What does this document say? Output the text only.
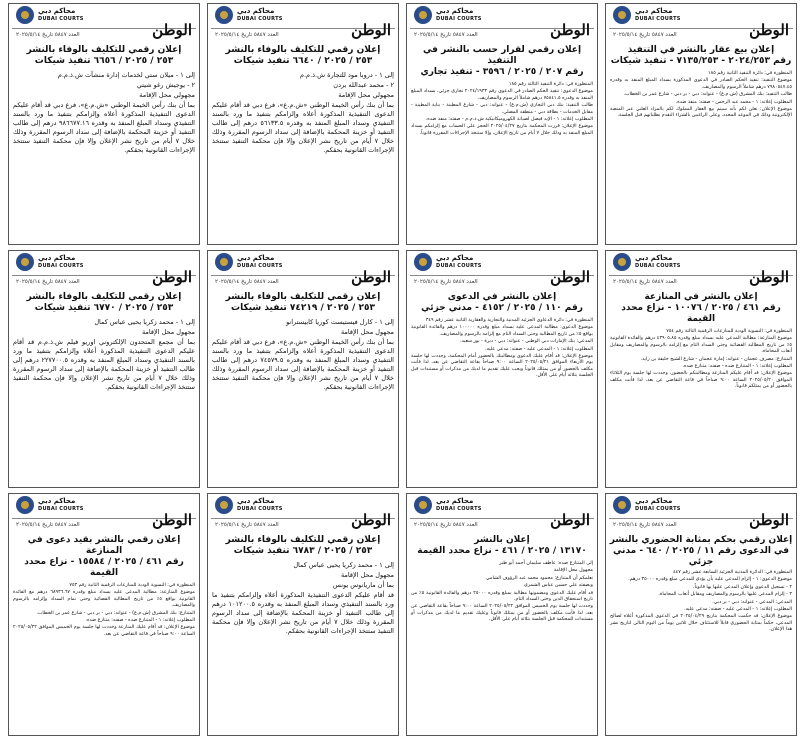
محاكم دبي
DUBAI COURTS
الوطن
العدد ٥٨٤٧ تاريخ ٢٠٢٥/٥/١٤
إعلان بيع عقار بالنشر في التنفيذ
رقم ٢٠٢٤/٢٥٣ - ٧١٣٥/٢٥٣ - تنفيذ شيكات

المنظورة في: دائرة التنفيذ الثانية رقم ١٨٥

موضوع التنفيذ: تنفيذ الحكم الصادر في الدعوى المذكورة بسداد المبلغ المنفذ به وقدره ٧٩٨٠٥٤٧.٤٥ درهم شاملاً الرسوم والمصاريف.

طالب التنفيذ: بنك المشرق (ش.م.ع) - عنوانه: دبي - بر دبي - شارع عمر بن الخطاب.

المطلوب إعلانه: ١ - محمد عبد الرحمن - صفته: منفذ ضده.

موضوع الإعلان: نعلن لكم بأنه سيتم بيع العقار المملوك لكم بالمزاد العلني عبر المنصة الإلكترونية وذلك في الموعد المحدد، وعلى الراغبين بالشراء التقدم بطلباتهم قبل الجلسة.

محاكم دبي
DUBAI COURTS
الوطن
العدد ٥٨٤٧ تاريخ ٢٠٢٥/٥/١٤
إعلان رقمي لقرار حسب بالنشر في التنفيذ
رقم ٢٠٧ / ٢٠٢٥ / ٣٥٩٦ - تنفيذ تجاري

المنظورة في: دائرة التنفيذ الثالثة رقم ١٨٥

موضوع الدعوى: تنفيذ الحكم الصادر في الدعوى رقم ٢٠٢٤/١٩٣٣ تجاري جزئي، بسداد المبلغ المنفذ به وقدره ٧٥٨٤١.٥ درهم شاملاً الرسوم والمصاريف.

طالب التنفيذ: بنك دبي التجاري (ش.م.ع) - عنوانه: دبي - شارع المطينة - بناية المطينة - مقابل الخدمات - بطاقة دبي - منطقة المصلى.

المطلوب إعلانه: ١ - الإيد فيصل لصيانة الكهروميكانيكية ش.ذ.م.م - صفته: منفذ ضده.

موضوع الإعلان: قررت المحكمة بتاريخ ٢٠٢٥/٠٤/٢٧ الحجز على الحساب مع إلزامكم بسداد المبلغ المنفذ به وذلك خلال ٧ أيام من تاريخ الإعلان، وإلا ستتخذ الإجراءات المقررة قانوناً.

محاكم دبي
DUBAI COURTS
الوطن
العدد ٥٨٤٧ تاريخ ٢٠٢٥/٥/١٤
إعلان رقمي للتكليف بالوفاء بالنشر
٢٥٣ / ٢٠٢٥ / ٦٦٤٠ تنفيذ شيكات

إلى ١ - دروبا مود للتجارة ش.ذ.م.م

٢ - محمد عبدالله بردن

مجهولي محل الإقامة

بما أن بنك رأس الخيمة الوطني «ش.م.ع»، فرع دبي قد أقام عليكم الدعوى التنفيذية المذكورة أعلاه وإلزامكم بتنفيذ ما ورد بالسند التنفيذي وسداد المبلغ المنفذ به وقدره ٥٦١٣٣.٥ درهم إلى طالب التنفيذ أو خزينة المحكمة بالإضافة إلى سداد الرسوم المقررة وذلك خلال ٧ أيام من تاريخ نشر الإعلان وإلا فإن محكمة التنفيذ ستتخذ الإجراءات القانونية بحقكم.

محاكم دبي
DUBAI COURTS
الوطن
العدد ٥٨٤٧ تاريخ ٢٠٢٥/٥/١٤
إعلان رقمي للتكليف بالوفاء بالنشر
٢٥٣ / ٢٠٢٥ / ٦٦٥٦ تنفيذ شيكات

إلى ١ - ميلان ستي لخدمات إدارة منشآت ش.ذ.م.م

٢ - يوجيش رغو شيتي

مجهولي محل الإقامة

بما أن بنك رأس الخيمة الوطني «ش.م.ع»، فرع دبي قد أقام عليكم الدعوى التنفيذية المذكورة أعلاه وإلزامكم بتنفيذ ما ورد بالسند التنفيذي وسداد المبلغ المنفذ به وقدره ٩٨٦٦٧٧.١٦ درهم إلى طالب التنفيذ أو خزينة المحكمة بالإضافة إلى سداد الرسوم المقررة وذلك خلال ٧ أيام من تاريخ نشر الإعلان وإلا فإن محكمة التنفيذ ستتخذ الإجراءات القانونية بحقكم.

محاكم دبي
DUBAI COURTS
الوطن
العدد ٥٨٤٧ تاريخ ٢٠٢٥/٥/١٤
إعلان بالنشر في المنازعة
رقم ٤٦١ / ٢٠٢٥ / ١٠٠٧٦ - نزاع محدد القيمة

المنظورة في: التسوية الودية للمنازعات الرقمية الثالثة رقم ٧٥٤

موضوع المنازعة: مطالبة المدعى عليه بسداد مبلغ وقدره ٤٣٩٠٥.٨٥ درهم والفائدة القانونية ٥٪ من تاريخ المطالبة القضائية وحتى السداد التام مع إلزامه بالرسوم والمصاريف ومقابل أتعاب المحاماة.

المتنازع: مصرف عجمان - عنوانه: إمارة عجمان - شارع الشيخ خليفة بن زايد.

المطلوب إعلانه: ١ - المتنازع ضده - صفته: متنازع ضده.

موضوع الإعلان: قد أقام عليكم المنازعة ومطالبتكم بالحضور، وحددت لها جلسة يوم الثلاثاء الموافق ٢٠٢٥/٠٥/٢٠ الساعة ٩:٠٠ صباحاً في قاعة التقاضي عن بعد، لذا فأنت مكلف بالحضور أو من يمثلكم قانوناً.

محاكم دبي
DUBAI COURTS
الوطن
العدد ٥٨٤٧ تاريخ ٢٠٢٥/٥/١٤
إعلان بالنشر في الدعوى
رقم ١١٠ / ٢٠٢٥ / ٤١٥٢ - مدني جزئي

المنظورة في: دائرة الدعاوى الجزئية المدنية والتجارية والعقارية الثانية عشر رقم ٣٤٩

موضوع الدعوى: مطالبة المدعى عليه بسداد مبلغ وقدره ١٠٠٠٠٠ درهم والفائدة القانونية بواقع ٥٪ من تاريخ المطالبة وحتى السداد التام مع إلزامه بالرسوم والمصاريف.

المدعي: بنك الإمارات دبي الوطني - عنوانه: دبي - ديرة - بور سعيد.

المطلوب إعلانه: ١ - المدعى عليه - صفته: مدعى عليه.

موضوع الإعلان: قد أقام عليك الدعوى ومطالبتك بالحضور أمام المحكمة، وحددت لها جلسة يوم الأربعاء الموافق ٢٠٢٥/٠٥/٢١ الساعة ٩:٠٠ صباحاً بقاعة التقاضي عن بعد، لذا فأنت مكلف بالحضور أو من يمثلك قانوناً ويجب عليك تقديم ما لديك من مذكرات أو مستندات قبل الجلسة بثلاثة أيام على الأقل.

محاكم دبي
DUBAI COURTS
الوطن
العدد ٥٨٤٧ تاريخ ٢٠٢٥/٥/١٤
إعلان رقمي للتكليف بالوفاء بالنشر
٢٥٣ / ٢٠٢٥ / ٧٤٢١٩ تنفيذ شيكات

إلى ١ - كارل فيستيست كوريا كابيسترانو

مجهول محل الإقامة

بما أن بنك رأس الخيمة الوطني «ش.م.ع»، فرع دبي قد أقام عليكم الدعوى التنفيذية المذكورة أعلاه وإلزامكم بتنفيذ ما ورد بالسند التنفيذي وسداد المبلغ المنفذ به وقدره ٧٤٥٧٩.٥ درهم إلى طالب التنفيذ أو خزينة المحكمة بالإضافة إلى سداد الرسوم المقررة وذلك خلال ٧ أيام من تاريخ نشر الإعلان وإلا فإن محكمة التنفيذ ستتخذ الإجراءات القانونية بحقكم.

محاكم دبي
DUBAI COURTS
الوطن
العدد ٥٨٤٧ تاريخ ٢٠٢٥/٥/١٤
إعلان رقمي للتكليف بالوفاء بالنشر
٢٥٣ / ٢٠٢٥ / ٦٧٧٠ تنفيذ شيكات

إلى ١ - محمد زكريا يحيى عباس كمال

مجهول محل الإقامة

بما أن مجمع المتحدون الإلكتروني اوريو فيلم ش.ذ.م.م قد أقام عليكم الدعوى التنفيذية المذكورة أعلاه وإلزامكم بتنفيذ ما ورد بالسند التنفيذي وسداد المبلغ المنفذ به وقدره ٢٢٧٧٠٠.٥ درهم إلى طالب التنفيذ أو خزينة المحكمة بالإضافة إلى سداد الرسوم المقررة وذلك خلال ٧ أيام من تاريخ نشر الإعلان وإلا فإن محكمة التنفيذ ستتخذ الإجراءات القانونية بحقكم.

محاكم دبي
DUBAI COURTS
الوطن
العدد ٥٨٤٧ تاريخ ٢٠٢٥/٥/١٤
إعلان رقمي بحكم بمثابة الحضوري بالنشر في الدعوى رقم ١١ / ٢٠٢٥ / ٦٤٠ - مدني جزئي

المنظورة في: الدائرة المدنية الجزئية السابعة عشر رقم ٤٤٧

موضوع الدعوى: ١ - إلزام المدعى عليه بأن يؤدي للمدعي مبلغ وقدره ٣٥٠٠٠ درهم.

٢ - تسجيل الدعوى وإعلان المدعى عليها بها قانوناً.

٣ - إلزام المدعى عليها بالرسوم والمصاريف ومقابل أتعاب المحاماة.

المدعي: المدعي - عنوانه: دبي - بر دبي.

المطلوب إعلانه: ١ - المدعى عليه - صفته: مدعى عليه.

موضوع الإعلان: قد حكمت المحكمة بتاريخ ٢٠٢٥/٠٤/٢٩ في الدعوى المذكورة أعلاه لصالح المدعي، حكماً بمثابة الحضوري قابلاً للاستئناف خلال ثلاثين يوماً من اليوم التالي لتاريخ نشر هذا الإعلان.

محاكم دبي
DUBAI COURTS
الوطن
العدد ٥٨٤٧ تاريخ ٢٠٢٥/٥/١٤
إعلان بالنشر
١٣١٧٠ / ٢٠٢٥ / ٤٦١ - نزاع محدد القيمة

إلى المتنازع ضده: عاطف سليمان أحمد أبو طير

مجهول محل الإقامة

نعلمكم أن المتنازع: محمود محمد عبد الرؤوف الشامي

وبصفته علي حسين عباس الشمري

قد أقام عليك الدعوى ومضمونها مطالبة بمبلغ وقدره ٢٥٠٠٠ درهم والفائدة القانونية ٥٪ من تاريخ استحقاق الدين وحتى السداد التام.

وحددت لها جلسة يوم الخميس الموافق ٢٠٢٥/٠٥/٢٢ الساعة ٩:٠٠ صباحاً بقاعة التقاضي عن بعد، لذا فأنت مكلف بالحضور أو من يمثلك قانوناً وعليك تقديم ما لديك من مذكرات أو مستندات للمحكمة قبل الجلسة بثلاثة أيام على الأقل.

محاكم دبي
DUBAI COURTS
الوطن
العدد ٥٨٤٧ تاريخ ٢٠٢٥/٥/١٤
إعلان رقمي للتكليف بالوفاء بالنشر
٢٥٣ / ٢٠٢٥ / ٦٧٨٣ تنفيذ شيكات

إلى ١ - محمد زكريا يحيى عباس كمال

مجهول محل الإقامة

بما أن ماريانوس يونس

قد أقام عليكم الدعوى التنفيذية المذكورة أعلاه وإلزامكم بتنفيذ ما ورد بالسند التنفيذي وسداد المبلغ المنفذ به وقدره ١٠١٢٠٠.٥ درهم إلى طالب التنفيذ أو خزينة المحكمة بالإضافة إلى سداد الرسوم المقررة وذلك خلال ٧ أيام من تاريخ نشر الإعلان وإلا فإن محكمة التنفيذ ستتخذ الإجراءات القانونية بحقكم.

محاكم دبي
DUBAI COURTS
الوطن
العدد ٥٨٤٧ تاريخ ٢٠٢٥/٥/١٤
إعلان رقمي بالنشر بقيد دعوى في المنازعة
رقم ٤٦١ / ٢٠٢٥ / ١٥٥٨٤ - نزاع محدد القيمة

المنظورة في: التسوية الودية للمنازعات الرقمية الثانية رقم ٧٥٣

موضوع المنازعة: مطالبة المدعى عليه بسداد مبلغ وقدره ٦٨٩٣٦.٦٧ درهم مع الفائدة القانونية بواقع ٥٪ من تاريخ المطالبة القضائية وحتى تمام السداد وإلزامه بالرسوم والمصاريف.

المتنازع: بنك المشرق (ش.م.ع) - عنوانه: دبي - بر دبي - شارع عمر بن الخطاب.

المطلوب إعلانه: ١ - المتنازع ضده - صفته: متنازع ضده.

موضوع الإعلان: قد أقام عليك المنازعة وحددت لها جلسة يوم الخميس الموافق ٢٠٢٥/٠٥/٢٢ الساعة ٩:٠٠ صباحاً في قاعة التقاضي عن بعد.
